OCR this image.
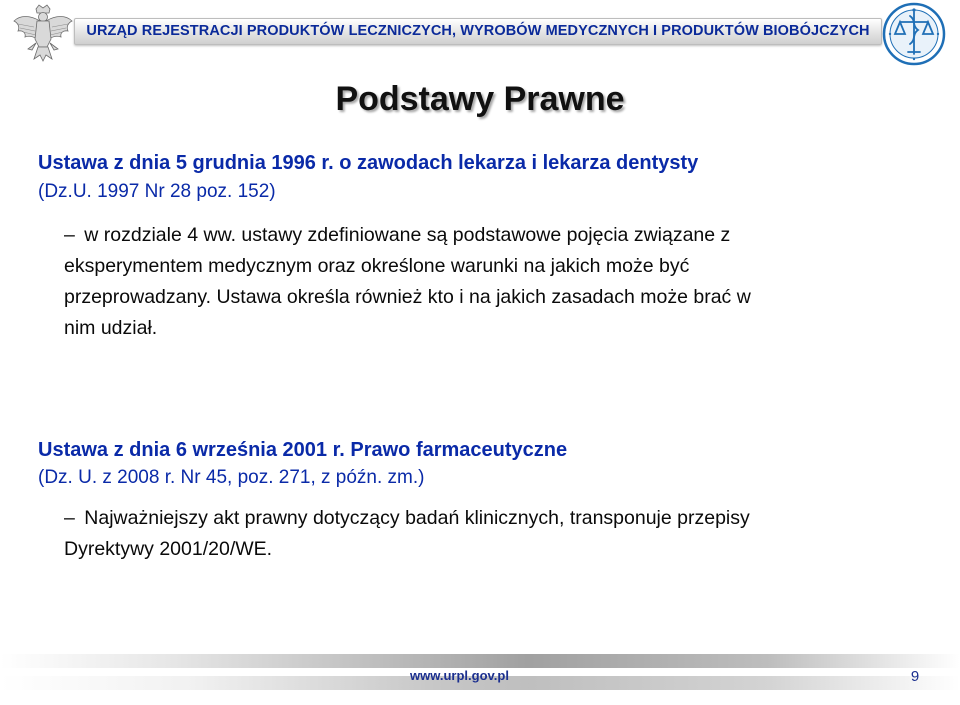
URZĄD REJESTRACJI PRODUKTÓW LECZNICZYCH, WYROBÓW MEDYCZNYCH I PRODUKTÓW BIOBÓJCZYCH
Podstawy Prawne
Ustawa z dnia 5 grudnia 1996 r. o zawodach lekarza i lekarza dentysty
(Dz.U. 1997 Nr 28 poz. 152)
– w rozdziale 4 ww. ustawy zdefiniowane są podstawowe pojęcia związane z
eksperymentem medycznym oraz określone warunki na jakich może być
przeprowadzany. Ustawa określa również kto i na jakich zasadach może brać w
nim udział.
Ustawa z dnia 6 września 2001 r. Prawo farmaceutyczne
(Dz. U. z 2008 r. Nr 45, poz. 271, z późn. zm.)
– Najważniejszy akt prawny dotyczący badań klinicznych, transponuje przepisy
Dyrektywy 2001/20/WE.
www.urpl.gov.pl	9
